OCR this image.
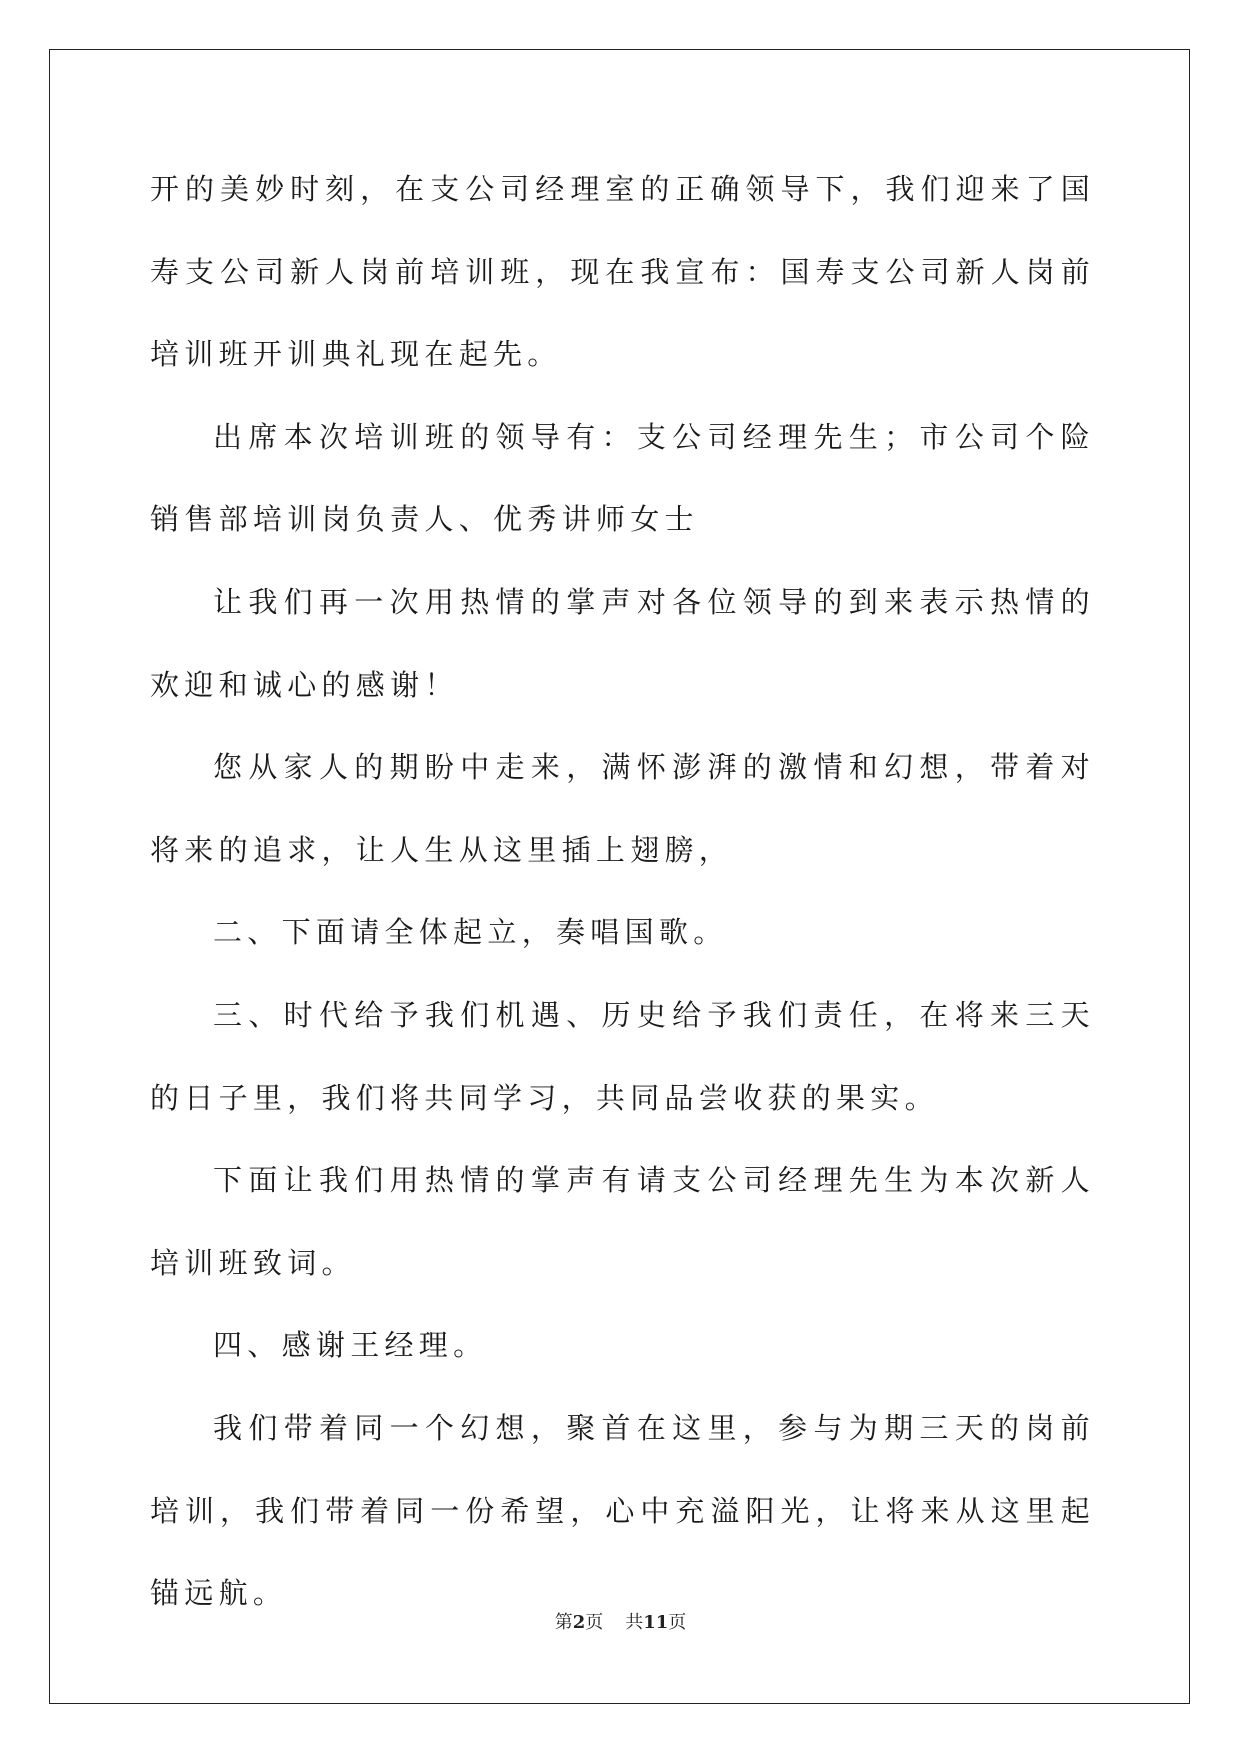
开的美妙时刻，在支公司经理室的正确领导下，我们迎来了国寿支公司新人岗前培训班，现在我宣布：国寿支公司新人岗前培训班开训典礼现在起先。

出席本次培训班的领导有：支公司经理先生；市公司个险销售部培训岗负责人、优秀讲师女士

让我们再一次用热情的掌声对各位领导的到来表示热情的欢迎和诚心的感谢！

您从家人的期盼中走来，满怀澎湃的激情和幻想，带着对将来的追求，让人生从这里插上翅膀，

二、下面请全体起立，奏唱国歌。

三、时代给予我们机遇、历史给予我们责任，在将来三天的日子里，我们将共同学习，共同品尝收获的果实。

下面让我们用热情的掌声有请支公司经理先生为本次新人培训班致词。

四、感谢王经理。

我们带着同一个幻想，聚首在这里，参与为期三天的岗前培训，我们带着同一份希望，心中充溢阳光，让将来从这里起锚远航。

第2页 共11页
